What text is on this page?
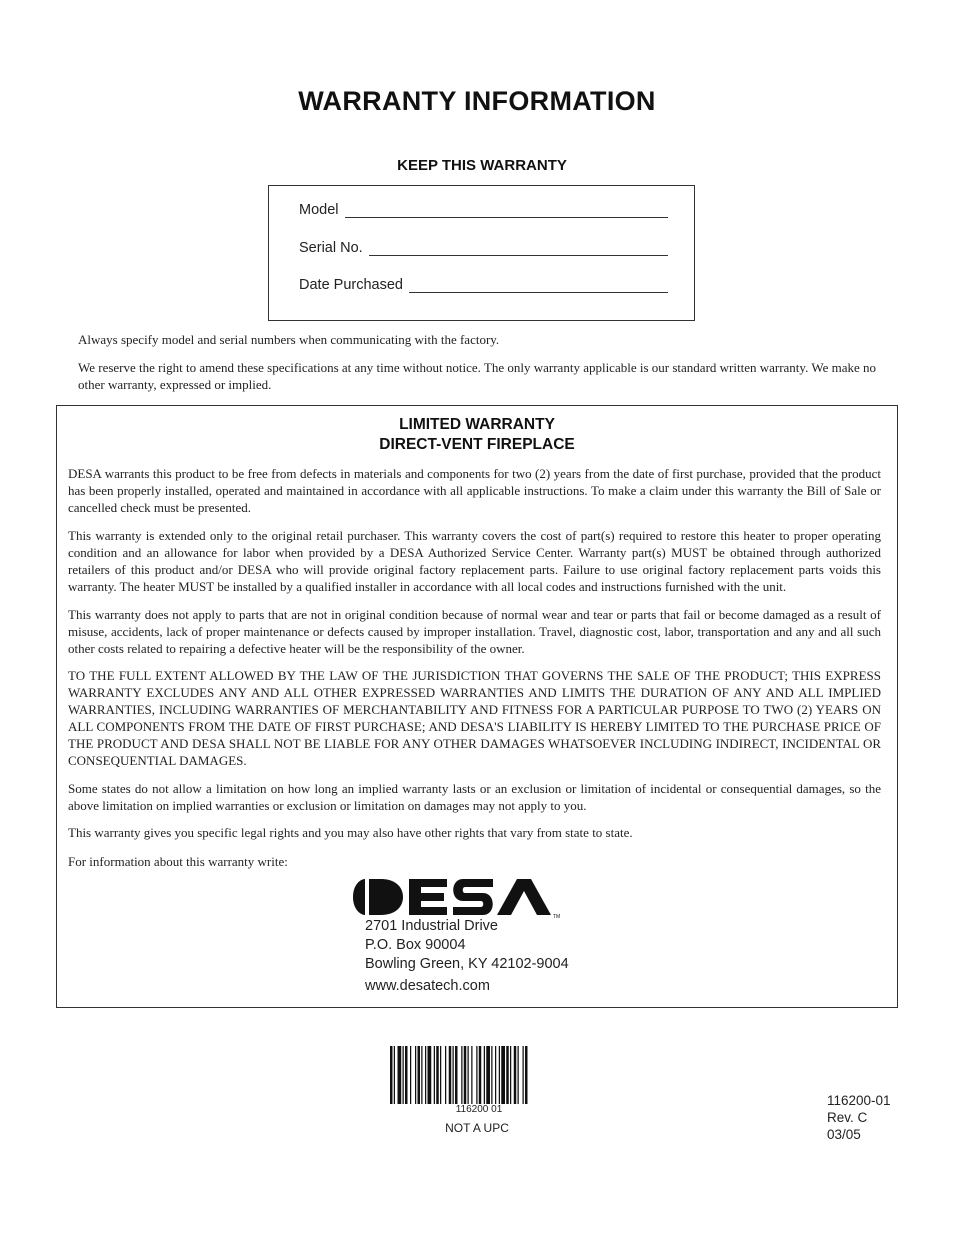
WARRANTY INFORMATION
KEEP THIS WARRANTY
Model
Serial No.
Date Purchased

Always specify model and serial numbers when communicating with the factory.

We reserve the right to amend these specifications at any time without notice. The only warranty applicable is our standard written warranty. We make no other warranty, expressed or implied.

LIMITED WARRANTY
DIRECT-VENT FIREPLACE

DESA warrants this product to be free from defects in materials and components for two (2) years from the date of first purchase, provided that the product has been properly installed, operated and maintained in accordance with all applicable instructions. To make a claim under this warranty the Bill of Sale or cancelled check must be presented.

This warranty is extended only to the original retail purchaser. This warranty covers the cost of part(s) required to restore this heater to proper operating condition and an allowance for labor when provided by a DESA Authorized Service Center. Warranty part(s) MUST be obtained through authorized retailers of this product and/or DESA who will provide original factory replacement parts. Failure to use original factory replacement parts voids this warranty. The heater MUST be installed by a qualified installer in accordance with all local codes and instructions furnished with the unit.

This warranty does not apply to parts that are not in original condition because of normal wear and tear or parts that fail or become damaged as a result of misuse, accidents, lack of proper maintenance or defects caused by improper installation. Travel, diagnostic cost, labor, transportation and any and all such other costs related to repairing a defective heater will be the responsibility of the owner.

TO THE FULL EXTENT ALLOWED BY THE LAW OF THE JURISDICTION THAT GOVERNS THE SALE OF THE PRODUCT; THIS EXPRESS WARRANTY EXCLUDES ANY AND ALL OTHER EXPRESSED WARRANTIES AND LIMITS THE DURATION OF ANY AND ALL IMPLIED WARRANTIES, INCLUDING WARRANTIES OF MERCHANTABILITY AND FITNESS FOR A PARTICULAR PURPOSE TO TWO (2) YEARS ON ALL COMPONENTS FROM THE DATE OF FIRST PURCHASE; AND DESA'S LIABILITY IS HEREBY LIMITED TO THE PURCHASE PRICE OF THE PRODUCT AND DESA SHALL NOT BE LIABLE FOR ANY OTHER DAMAGES WHATSOEVER INCLUDING INDIRECT, INCIDENTAL OR CONSEQUENTIAL DAMAGES.

Some states do not allow a limitation on how long an implied warranty lasts or an exclusion or limitation of incidental or consequential damages, so the above limitation on implied warranties or exclusion or limitation on damages may not apply to you.

This warranty gives you specific legal rights and you may also have other rights that vary from state to state.

For information about this warranty write:

TM
2701 Industrial Drive
P.O. Box 90004
Bowling Green, KY 42102-9004
www.desatech.com
116200 01
NOT A UPC
116200-01
Rev. C
03/05
